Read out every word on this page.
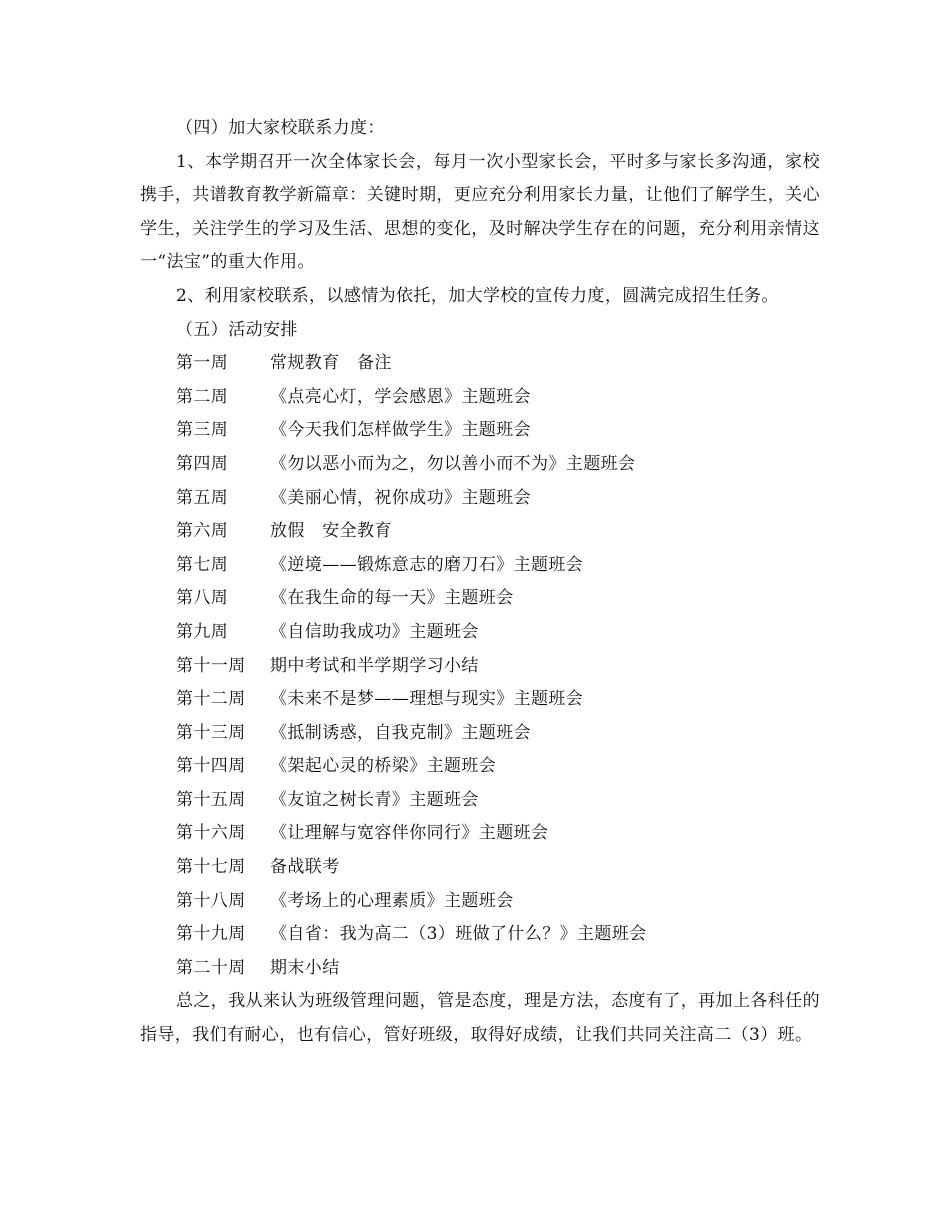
（四）加大家校联系力度：

1、本学期召开一次全体家长会，每月一次小型家长会，平时多与家长多沟通，家校携手，共谱教育教学新篇章：关键时期，更应充分利用家长力量，让他们了解学生，关心学生，关注学生的学习及生活、思想的变化，及时解决学生存在的问题，充分利用亲情这一“法宝”的重大作用。

2、利用家校联系，以感情为依托，加大学校的宣传力度，圆满完成招生任务。

（五）活动安排

第一周 常规教育　备注

第二周 《点亮心灯，学会感恩》主题班会

第三周 《今天我们怎样做学生》主题班会

第四周 《勿以恶小而为之，勿以善小而不为》主题班会

第五周 《美丽心情，祝你成功》主题班会

第六周 放假　安全教育

第七周 《逆境——锻炼意志的磨刀石》主题班会

第八周 《在我生命的每一天》主题班会

第九周 《自信助我成功》主题班会

第十一周 期中考试和半学期学习小结

第十二周 《未来不是梦——理想与现实》主题班会

第十三周 《抵制诱惑，自我克制》主题班会

第十四周 《架起心灵的桥梁》主题班会

第十五周 《友谊之树长青》主题班会

第十六周 《让理解与宽容伴你同行》主题班会

第十七周 备战联考

第十八周 《考场上的心理素质》主题班会

第十九周 《自省：我为高二（3）班做了什么？》主题班会

第二十周 期末小结

总之，我从来认为班级管理问题，管是态度，理是方法，态度有了，再加上各科任的指导，我们有耐心，也有信心，管好班级，取得好成绩，让我们共同关注高二（3）班。
